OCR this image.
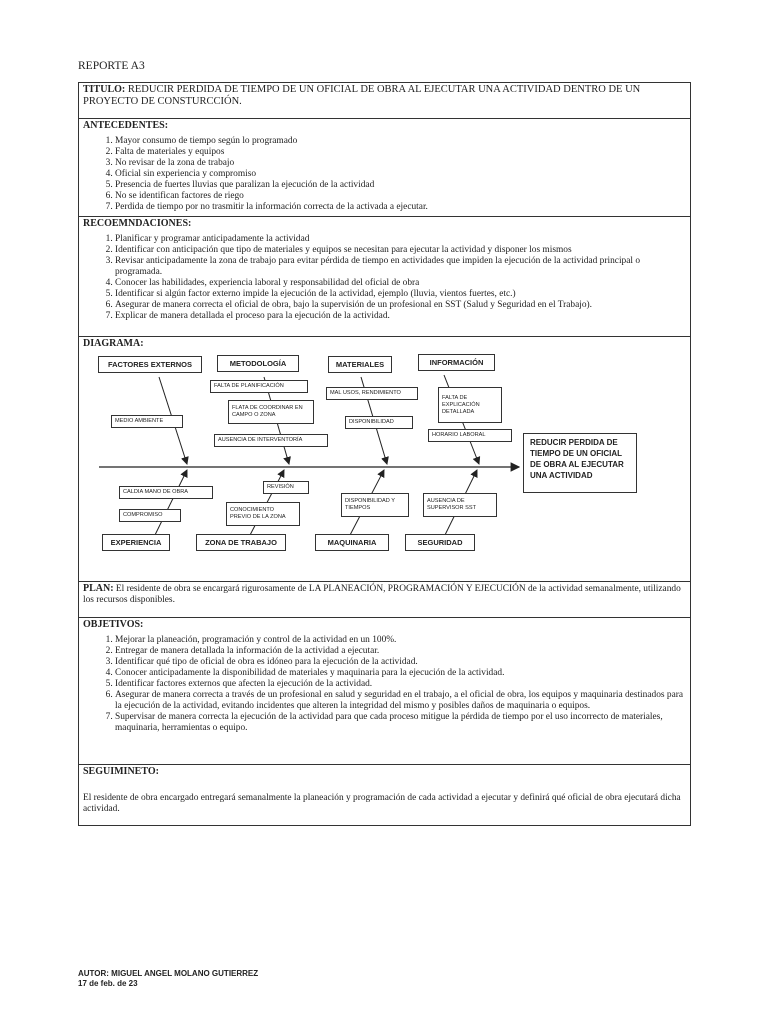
REPORTE A3
TITULO: REDUCIR PERDIDA DE TIEMPO DE UN OFICIAL DE OBRA AL EJECUTAR UNA ACTIVIDAD DENTRO DE UN PROYECTO DE CONSTURCCIÓN.
ANTECEDENTES:
1. Mayor consumo de tiempo según lo programado
2. Falta de materiales y equipos
3. No revisar de la zona de trabajo
4. Oficial sin experiencia y compromiso
5. Presencia de fuertes lluvias que paralizan la ejecución de la actividad
6. No se identifican factores de riego
7. Perdida de tiempo por no trasmitir la información correcta de la activada a ejecutar.
RECOEMNDACIONES:
1. Planificar y programar anticipadamente la actividad
2. Identificar con anticipación que tipo de materiales y equipos se necesitan para ejecutar la actividad y disponer los mismos
3. Revisar anticipadamente la zona de trabajo para evitar pérdida de tiempo en actividades que impiden la ejecución de la actividad principal o programada.
4. Conocer las habilidades, experiencia laboral y responsabilidad del oficial de obra
5. Identificar si algún factor externo impide la ejecución de la actividad, ejemplo (lluvia, vientos fuertes, etc.)
6. Asegurar de manera correcta el oficial de obra, bajo la supervisión de un profesional en SST (Salud y Seguridad en el Trabajo).
7. Explicar de manera detallada el proceso para la ejecución de la actividad.
DIAGRAMA:
FACTORES EXTERNOS	METODOLOGÍA	MATERIALES	INFORMACIÓN
MEDIO AMBIENTE
FALTA DE PLANIFICACIÓN
FLATA DE COORDINAR EN CAMPO O ZONA
AUSENCIA DE INTERVENTORÍA
MAL USOS, RENDIMIENTO
DISPONIBILIDAD
FALTA DE EXPLICACIÓN DETALLADA
HORARIO LABORAL
REDUCIR PERDIDA DE TIEMPO DE UN OFICIAL DE OBRA AL EJECUTAR UNA ACTIVIDAD
CALDIA MANO DE OBRA
COMPROMISO
REVISIÓN
CONOCIMIENTO PREVIO DE LA ZONA
DISPONIBILIDAD Y TIEMPOS
AUSENCIA DE SUPERVISOR SST
EXPERIENCIA	ZONA DE TRABAJO	MAQUINARIA	SEGURIDAD
PLAN: El residente de obra se encargará rigurosamente de LA PLANEACIÓN, PROGRAMACIÓN Y EJECUCIÓN de la actividad semanalmente, utilizando los recursos disponibles.
OBJETIVOS:
1. Mejorar la planeación, programación y control de la actividad en un 100%.
2. Entregar de manera detallada la información de la actividad a ejecutar.
3. Identificar qué tipo de oficial de obra es idóneo para la ejecución de la actividad.
4. Conocer anticipadamente la disponibilidad de materiales y maquinaria para la ejecución de la actividad.
5. Identificar factores externos que afecten la ejecución de la actividad.
6. Asegurar de manera correcta a través de un profesional en salud y seguridad en el trabajo, a el oficial de obra, los equipos y maquinaria destinados para la ejecución de la actividad, evitando incidentes que alteren la integridad del mismo y posibles daños de maquinaria o equipos.
7. Supervisar de manera correcta la ejecución de la actividad para que cada proceso mitigue la pérdida de tiempo por el uso incorrecto de materiales, maquinaria, herramientas o equipo.
SEGUIMINETO:
El residente de obra encargado entregará semanalmente la planeación y programación de cada actividad a ejecutar y definirá qué oficial de obra ejecutará dicha actividad.
AUTOR: MIGUEL ANGEL MOLANO GUTIERREZ
17 de feb. de 23
